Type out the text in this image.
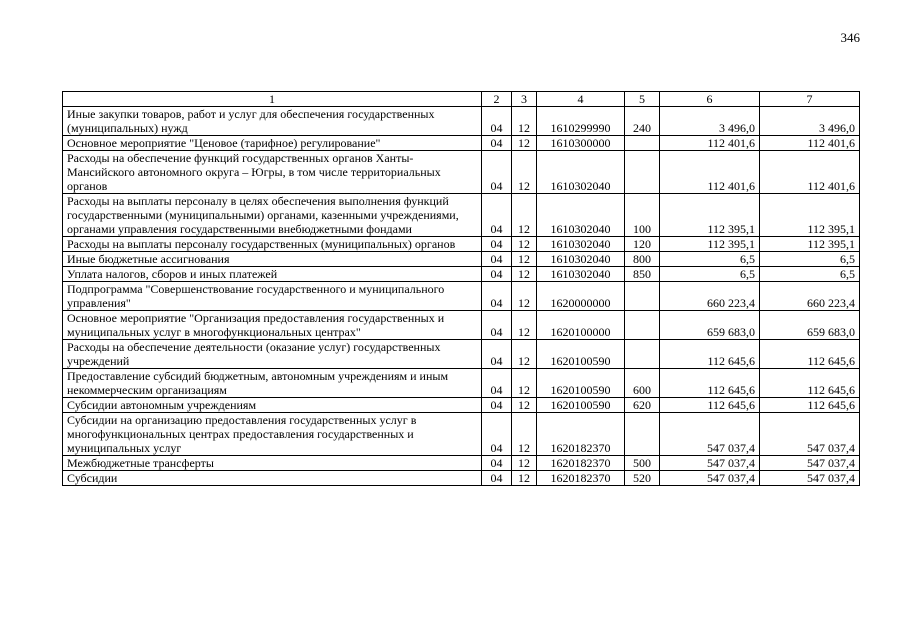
346
1	2	3	4	5	6	7
Иные закупки товаров, работ и услуг для обеспечения государственных (муниципальных) нужд	04	12	1610299990	240	3 496,0	3 496,0
Основное мероприятие "Ценовое (тарифное) регулирование"	04	12	1610300000		112 401,6	112 401,6
Расходы на обеспечение функций государственных органов Ханты-Мансийского автономного округа – Югры, в том числе территориальных органов	04	12	1610302040		112 401,6	112 401,6
Расходы на выплаты персоналу в целях обеспечения выполнения функций государственными (муниципальными) органами, казенными учреждениями, органами управления государственными внебюджетными фондами	04	12	1610302040	100	112 395,1	112 395,1
Расходы на выплаты персоналу государственных (муниципальных) органов	04	12	1610302040	120	112 395,1	112 395,1
Иные бюджетные ассигнования	04	12	1610302040	800	6,5	6,5
Уплата налогов, сборов и иных платежей	04	12	1610302040	850	6,5	6,5
Подпрограмма "Совершенствование государственного и муниципального управления"	04	12	1620000000		660 223,4	660 223,4
Основное мероприятие "Организация предоставления государственных и муниципальных услуг в многофункциональных центрах"	04	12	1620100000		659 683,0	659 683,0
Расходы на обеспечение деятельности (оказание услуг) государственных учреждений	04	12	1620100590		112 645,6	112 645,6
Предоставление субсидий бюджетным, автономным учреждениям и иным некоммерческим организациям	04	12	1620100590	600	112 645,6	112 645,6
Субсидии автономным учреждениям	04	12	1620100590	620	112 645,6	112 645,6
Субсидии на организацию предоставления государственных услуг в многофункциональных центрах предоставления государственных и муниципальных услуг	04	12	1620182370		547 037,4	547 037,4
Межбюджетные трансферты	04	12	1620182370	500	547 037,4	547 037,4
Субсидии	04	12	1620182370	520	547 037,4	547 037,4
